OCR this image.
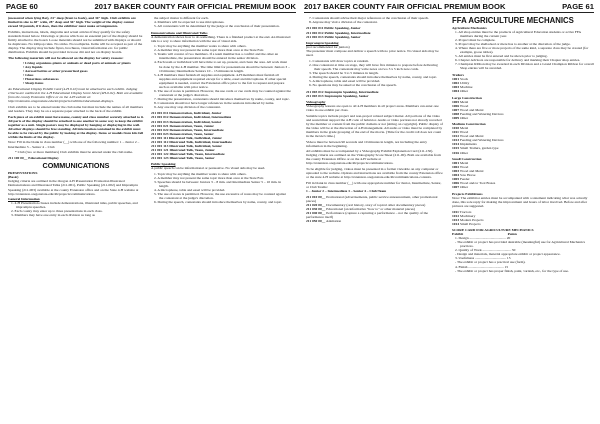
PAGE 60	2017 BAKER COUNTY FAIR OFFICIAL PREMIUM BOOK 2017 BAKER COUNTY FAIR OFFICIAL PREMIUM BOOK	PAGE 61
(measured when lying flat), 24" deep (front to back), and 30" high. Club exhibits are limited in size to 48" wide, 28" deep and 36" high. The weight of the display cannot exceed 30 pounds, if it does, then the exhibitor must make arrangements.
Exhibits, instructions, labels, diagrams and actual articles if they qualify for the safety standards listed below. Drawings or photos which are an essential part of the display should be firmly attached to the board. Loose materials should not be submitted with displays or should be duplicates. No lollipop rules. No sticks. No toothpicks. Items will be accepted as part of the display. The display may include flyers, brochures, visual information etc. for public distribution. Exhibits should be provided in loose dirt and not on display boards.
The following materials will not be allowed on the display for safety reasons:
• Living organisms-plants or animals or dead parts of animals or plants
• Any liquids
• Aerosol bottles or other pressurized gases
• Glass
• Hazardous substances
• Sharp items
An Educational Display Exhibit Card (4-H 0-10) must be attached to each exhibit. Judging criteria are outlined in the 4-H Educational Display Score Sheet (4H-0-02). Both are available from the county Extension Office or on the 4-H website at: http://extension.oregonstate.edu/4h/projects/exhibits/educational-displays.
Club exhibits are to be entered under the club name but must include the names of all members and leaders. They may be on a separate paper attached to the back of the exhibit.
Each piece of an exhibit must have name, county and class number securely attached to it. All parts of the display should be attached to one another in some way to keep the exhibit together as a unit. Single posters may be displayed by hanging or displaying in the wall. All other displays should be free standing. All information contained in the exhibit must be able to be viewed by the public by looking at the display. Items or models from kits fall within the limits of the display.
Note: Fill in the blank in class number (__) with one of the following number: 1 – Junior 2 – Intermediate 3 – Senior 4 – Club
* Club (two or more members) Club exhibits must be entered under the club name.
211 100 00__ Educational Display
COMMUNICATIONS
PRESENTATIONS
(Basic)
Judging criteria are outlined in the Oregon 4-H Presentation Evaluation Illustrated Demonstrations and Illustrated Talks (211-001), Public Speaking (211-002) and Impromptu Speaking (211-003) available at the county Extension office and on the State 4-H website at http://extension.oregonstate.edu/4h/projects/communications.
General Information
1. 4-H Presentation classes include demonstrations, illustrated talks, public speeches, and impromptu speeches.
2. Each county may enter up to three presentations in each class.
3. Members may have one entry in each division as long as
the subject matter is different for each.
4. Members will be expected to use microphones.
5. All contestants will be determined by the judge at the conclusion of their presentation.
Demonstrations and Illustrated Talks
A demonstration shows how to do something. There is a finished product at the end. An illustrated talk is a way to share information with the use of visual aids.
1. Topic may be anything the member wants to share with others.
2. A member may not present the same topic more than once at the State Fair.
3. Teams will consist of two members. If a team member has a conflict and the other an intermediate, the presentation should be entered in the senior division.
4. Each team or individual will have time to set up, present, and clean the area. All work must be done by the 4-H member. The time limit for presentations should be between: Juniors 3 – 10 minutes; Intermediate Seniors 10 – 15 minutes in length.
5. 4-H members must furnish all supplies and equipment. 4-H members must furnish all supplies and equipment required except for a table, easel and microphone. If other special equipment is needed, contact the Extension office prior to the fair to request and prepare such as available with prior notice.
6. The use of notes is permitted. However, the use cards or cue cards may be counted against the contestant at the judge's discretion.
7. During the presentation, contestants should introduce themselves by name, county, and topic.
8. Contestants should not have longer references in the sessions introduced by name.
9. Any one may stop division of the contestant.
211 001 011 Demonstration, Individual, Junior
211 001 012 Demonstration, Individual, Intermediate
211 001 013 Demonstration, Individual, Senior
211 001 021 Demonstration, Team, Junior
211 001 022 Demonstration, Team, Intermediate
211 001 023 Demonstration, Team, Senior
211 001 111 Illustrated Talk, Individual, Junior
211 001 112 Illustrated Talk, Individual, Intermediate
211 001 113 Illustrated Talk, Individual, Senior
211 001 121 Illustrated Talk, Team, Junior
211 001 122 Illustrated Talk, Team, Intermediate
211 001 123 Illustrated Talk, Team, Senior
Public Speaking
A public speech can be informational or persuasive. No visual aids may be used.
1. Topic may be anything the member wants to share with others.
2. A member may not present the same topic more than once at the State Fair.
3. Speeches should be between: Juniors 3 – 8 min. and Intermediate Senior 5 – 10 min. in length.
4. A microphone, table and easel will be provided.
5. The use of notes is permitted. However, the use excessive of notes may be counted against the contestant at the judge's discretion.
6. During the speech, contestants should introduce themselves by name, county, and topic.
7. Contestants should advise their major references at the conclusion of their speech.
8. Anyone may visit a division of the contestant.
211 002 011 Public Speaking, Junior
211 002 012 Public Speaking, Intermediate
211 002 013 Public Speaking, Senior
Impromptu Speaking
(not recommended for juniors)
The presenter must compose and deliver a speech with no prior notice. No visual aids may be used.
1. Contestants will draw topics at random.
2. One contestant at time on stage, they will have five minutes to prepare before delivering their speech. The contestant may write notes on two 3 x 5 inch note cards.
3. The speech should be 3 to 5 minutes in length.
4. During the speech, contestants should introduce themselves by name, county, and topic.
5. A microphone, table and easel will be provided.
6. No questions may be asked at the conclusion of the speech.
211 003 012 Impromptu Speaking, Intermediate
211 003 013 Impromptu Speaking, Senior
Videography
Videography lessons are open to all 4-H members in all project areas. Members can enter one video in one exhibit per class.
Suitable topics include project and non-project related subject matter. All portions of the video and sound must support the 4-H code of behavior. Audio or video portions not already recorded by the member or content from the public domain or not (sitting on copyright). Public display of the video will be at the discretion of 4-H management. All audio or video must be completed by members in the grade grouping of the end of the movie. (Time for the credit roll does not count in the movie's time.)
Videos must be between 90 seconds and 10 minutes in length, not including the entry information in the beginning.
All exhibits must be accompanied by a Videography Exhibit Explanation Card (211-150). Judging criteria are outlined on the Videography Score Sheet (211-00). Both are available from the county Extension Office or on the 4-H website at http://extension.oregonstate.edu/4h/projects/communications.
To be eligible for judging, videos must be presented in a format viewable on any computer or uploaded to the website. Options and instructions are available from the county Extension office or the state 4-H website at http://extension.oregonstate.edu/4h/communications-contests.
Fill in blank in class number (__) with one appropriate number for Junior, Intermediate, Senior, or Club Teams:
1 – Junior 2 – Intermediate 3 – Senior 4 – Club/Team
211 010 00__ Promotional (advertisements, public service announcement, other promotional pieces)
211 020 00__ Documentary (oral history, story of topical other documentary pieces)
211 030 00__ Educational (an informative "how to" or other material pieces)
211 040 00__ Performance (capture a capturing a performance – not the quality of the performance itself)
211 050 00__ Animation
FFA AGRICULTURE MECHANICS
Agriculture Mechanics
1. All shop entries must be the products of Agricultural Education students or active FFA members during the current year.
2. Project must be complete.
3. Project may be shellacked or mere has to another at the discretion of the judge.
4. Where there are five or more projects of the same kind, a separate class may be created (for example, goose tables).
5. All entries must be first entered and be shown prior to judging.
6. Chapter Advisors are responsible for delivery and marking their Chapter shop entries.
7. Champion Ribbon may be awarded in each Division and a Grand Champion Ribbon for overall Shop entries will be awarded.
Trailers
1001 Stock
1002 Utility
1003 Machine
1004 Other
Large Construction
1005 Metal
1006 Wood
1007 Wood and Metal
1008 Feeding and Watering Devices
1009 Other
Medium Construction
1010 Metal
1011 Wood
1012 Wood and Metal
1013 Feeding and Watering Devices
1014 Implements
1015 Small Trailers, garden type
1016 Other
Small Construction
1001 Metal
1002 Wood
1003 Wood and Metal
1004 Saw Horse
1005 Feeder
1006 Wood and/or Tool Boxes
1007 Other
Projects Exhibitions
Note: The exhibitor entries must be accompanied with a statement indicating what was actually done, this sole reply for making the improvement and hours of labor involved. Before and after pictures are suggested.
1011 Tractors
1012 Machinery
1013 Modern Projects
1014 Small Projects
SCORE CARD FOR AGRICULTURE MECHANICS
Exhibit                                                  Points
1. Design ......................................... 20
- The exhibit or project has provided desirable (meaningful) use for Agricultural Mechanics practices.
2. Quality of Work ................................ 30
- Design and materials, material appropriate exhibit or project appearance.
3. Usefulness ................................... 15
- The exhibit or project has a practical use (farm).
4. Finish ........................................ 15
- The exhibit or project has proper finish, paint, varnish, etc., for the type of use.
